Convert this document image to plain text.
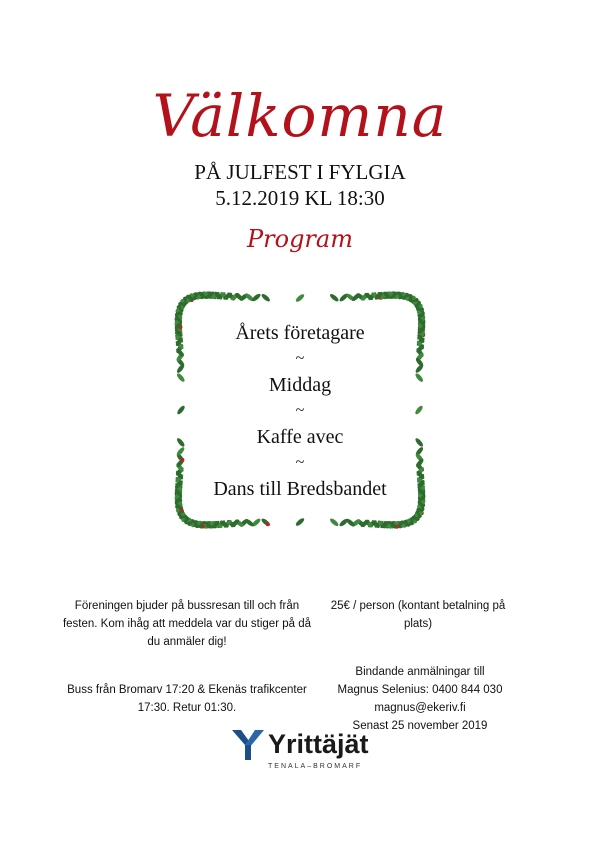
Välkomna
PÅ JULFEST I FYLGIA
5.12.2019 KL 18:30
Program
Årets företagare
~
Middag
~
Kaffe avec
~
Dans till Bredsbandet
Föreningen bjuder på bussresan till och från festen. Kom ihåg att meddela var du stiger på då du anmäler dig!
Buss från Bromarv 17:20 & Ekenäs trafikcenter 17:30. Retur 01:30.
25€ / person (kontant betalning på plats)
Bindande anmälningar till
Magnus Selenius: 0400 844 030
magnus@ekeriv.fi
Senast 25 november 2019
Yrittäjät
TENALA–BROMARF
